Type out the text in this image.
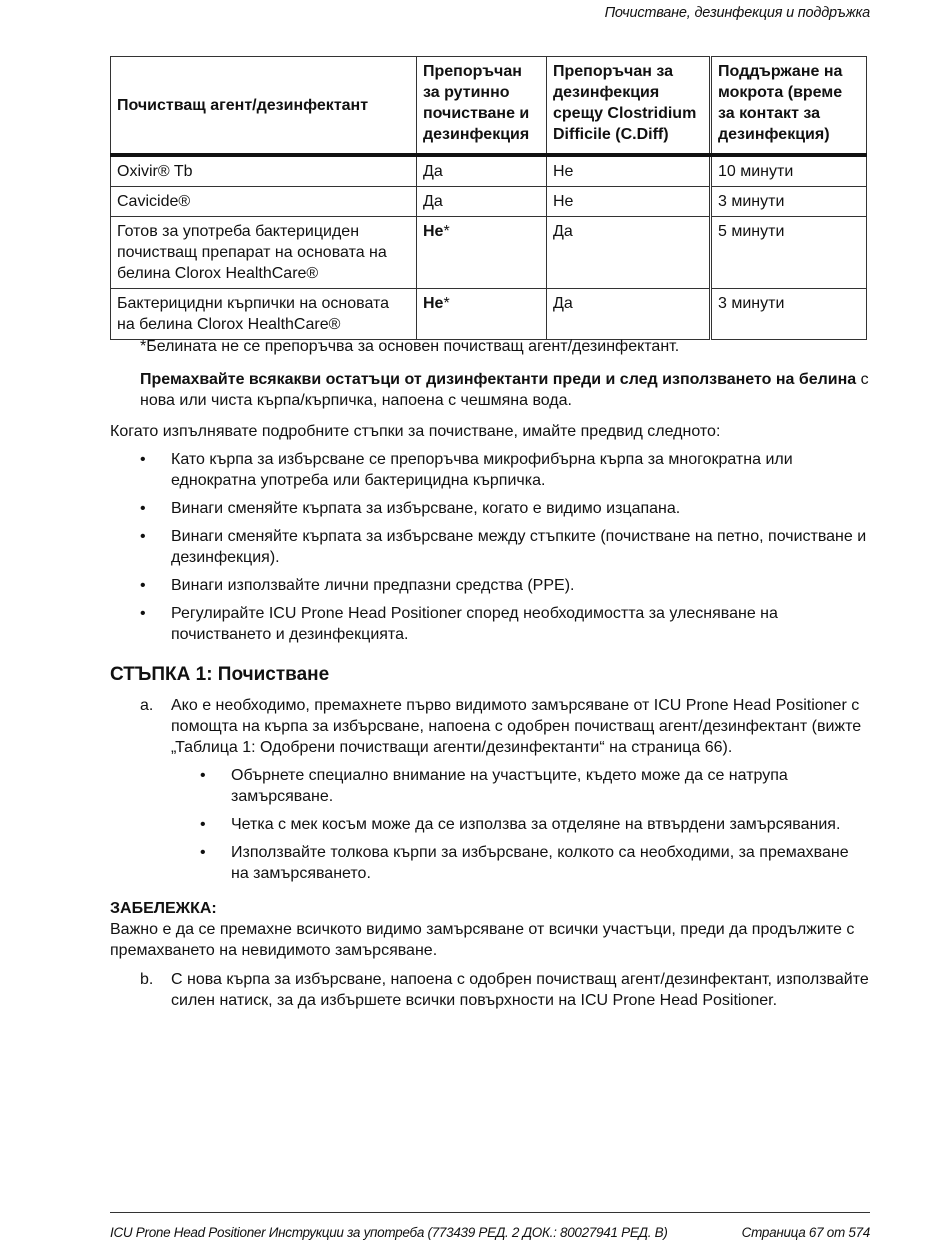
Почистване, дезинфекция и поддръжка
Почистващ агент/дезинфектант	Препоръчан за рутинно почистване и дезинфекция	Препоръчан за дезинфекция срещу Clostridium Difficile (C.Diff)	Поддържане на мокрота (време за контакт за дезинфекция)
Oxivir® Tb	Да	Не	10 минути
Cavicide®	Да	Не	3 минути
Готов за употреба бактерициден почистващ препарат на основата на белина Clorox HealthCare®	Не*	Да	5 минути
Бактерицидни кърпички на основата на белина Clorox HealthCare®	Не*	Да	3 минути
*Белината не се препоръчва за основен почистващ агент/дезинфектант.
Премахвайте всякакви остатъци от дизинфектанти преди и след използването на белина с нова или чиста кърпа/кърпичка, напоена с чешмяна вода.
Когато изпълнявате подробните стъпки за почистване, имайте предвид следното:
• Като кърпа за избърсване се препоръчва микрофибърна кърпа за многократна или еднократна употреба или бактерицидна кърпичка.
• Винаги сменяйте кърпата за избърсване, когато е видимо изцапана.
• Винаги сменяйте кърпата за избърсване между стъпките (почистване на петно, почистване и дезинфекция).
• Винаги използвайте лични предпазни средства (PPE).
• Регулирайте ICU Prone Head Positioner според необходимостта за улесняване на почистването и дезинфекцията.
СТЪПКА 1: Почистване
a. Ако е необходимо, премахнете първо видимото замърсяване от ICU Prone Head Positioner с помощта на кърпа за избърсване, напоена с одобрен почистващ агент/дезинфектант (вижте „Таблица 1: Одобрени почистващи агенти/дезинфектанти“ на страница 66).
• Обърнете специално внимание на участъците, където може да се натрупа замърсяване.
• Четка с мек косъм може да се използва за отделяне на втвърдени замърсявания.
• Използвайте толкова кърпи за избърсване, колкото са необходими, за премахване на замърсяването.
ЗАБЕЛЕЖКА:
Важно е да се премахне всичкото видимо замърсяване от всички участъци, преди да продължите с премахването на невидимото замърсяване.
b. С нова кърпа за избърсване, напоена с одобрен почистващ агент/дезинфектант, използвайте силен натиск, за да избършете всички повърхности на ICU Prone Head Positioner.
ICU Prone Head Positioner Инструкции за употреба (773439 РЕД. 2 ДОК.: 80027941 РЕД. B)	Страница 67 от 574
